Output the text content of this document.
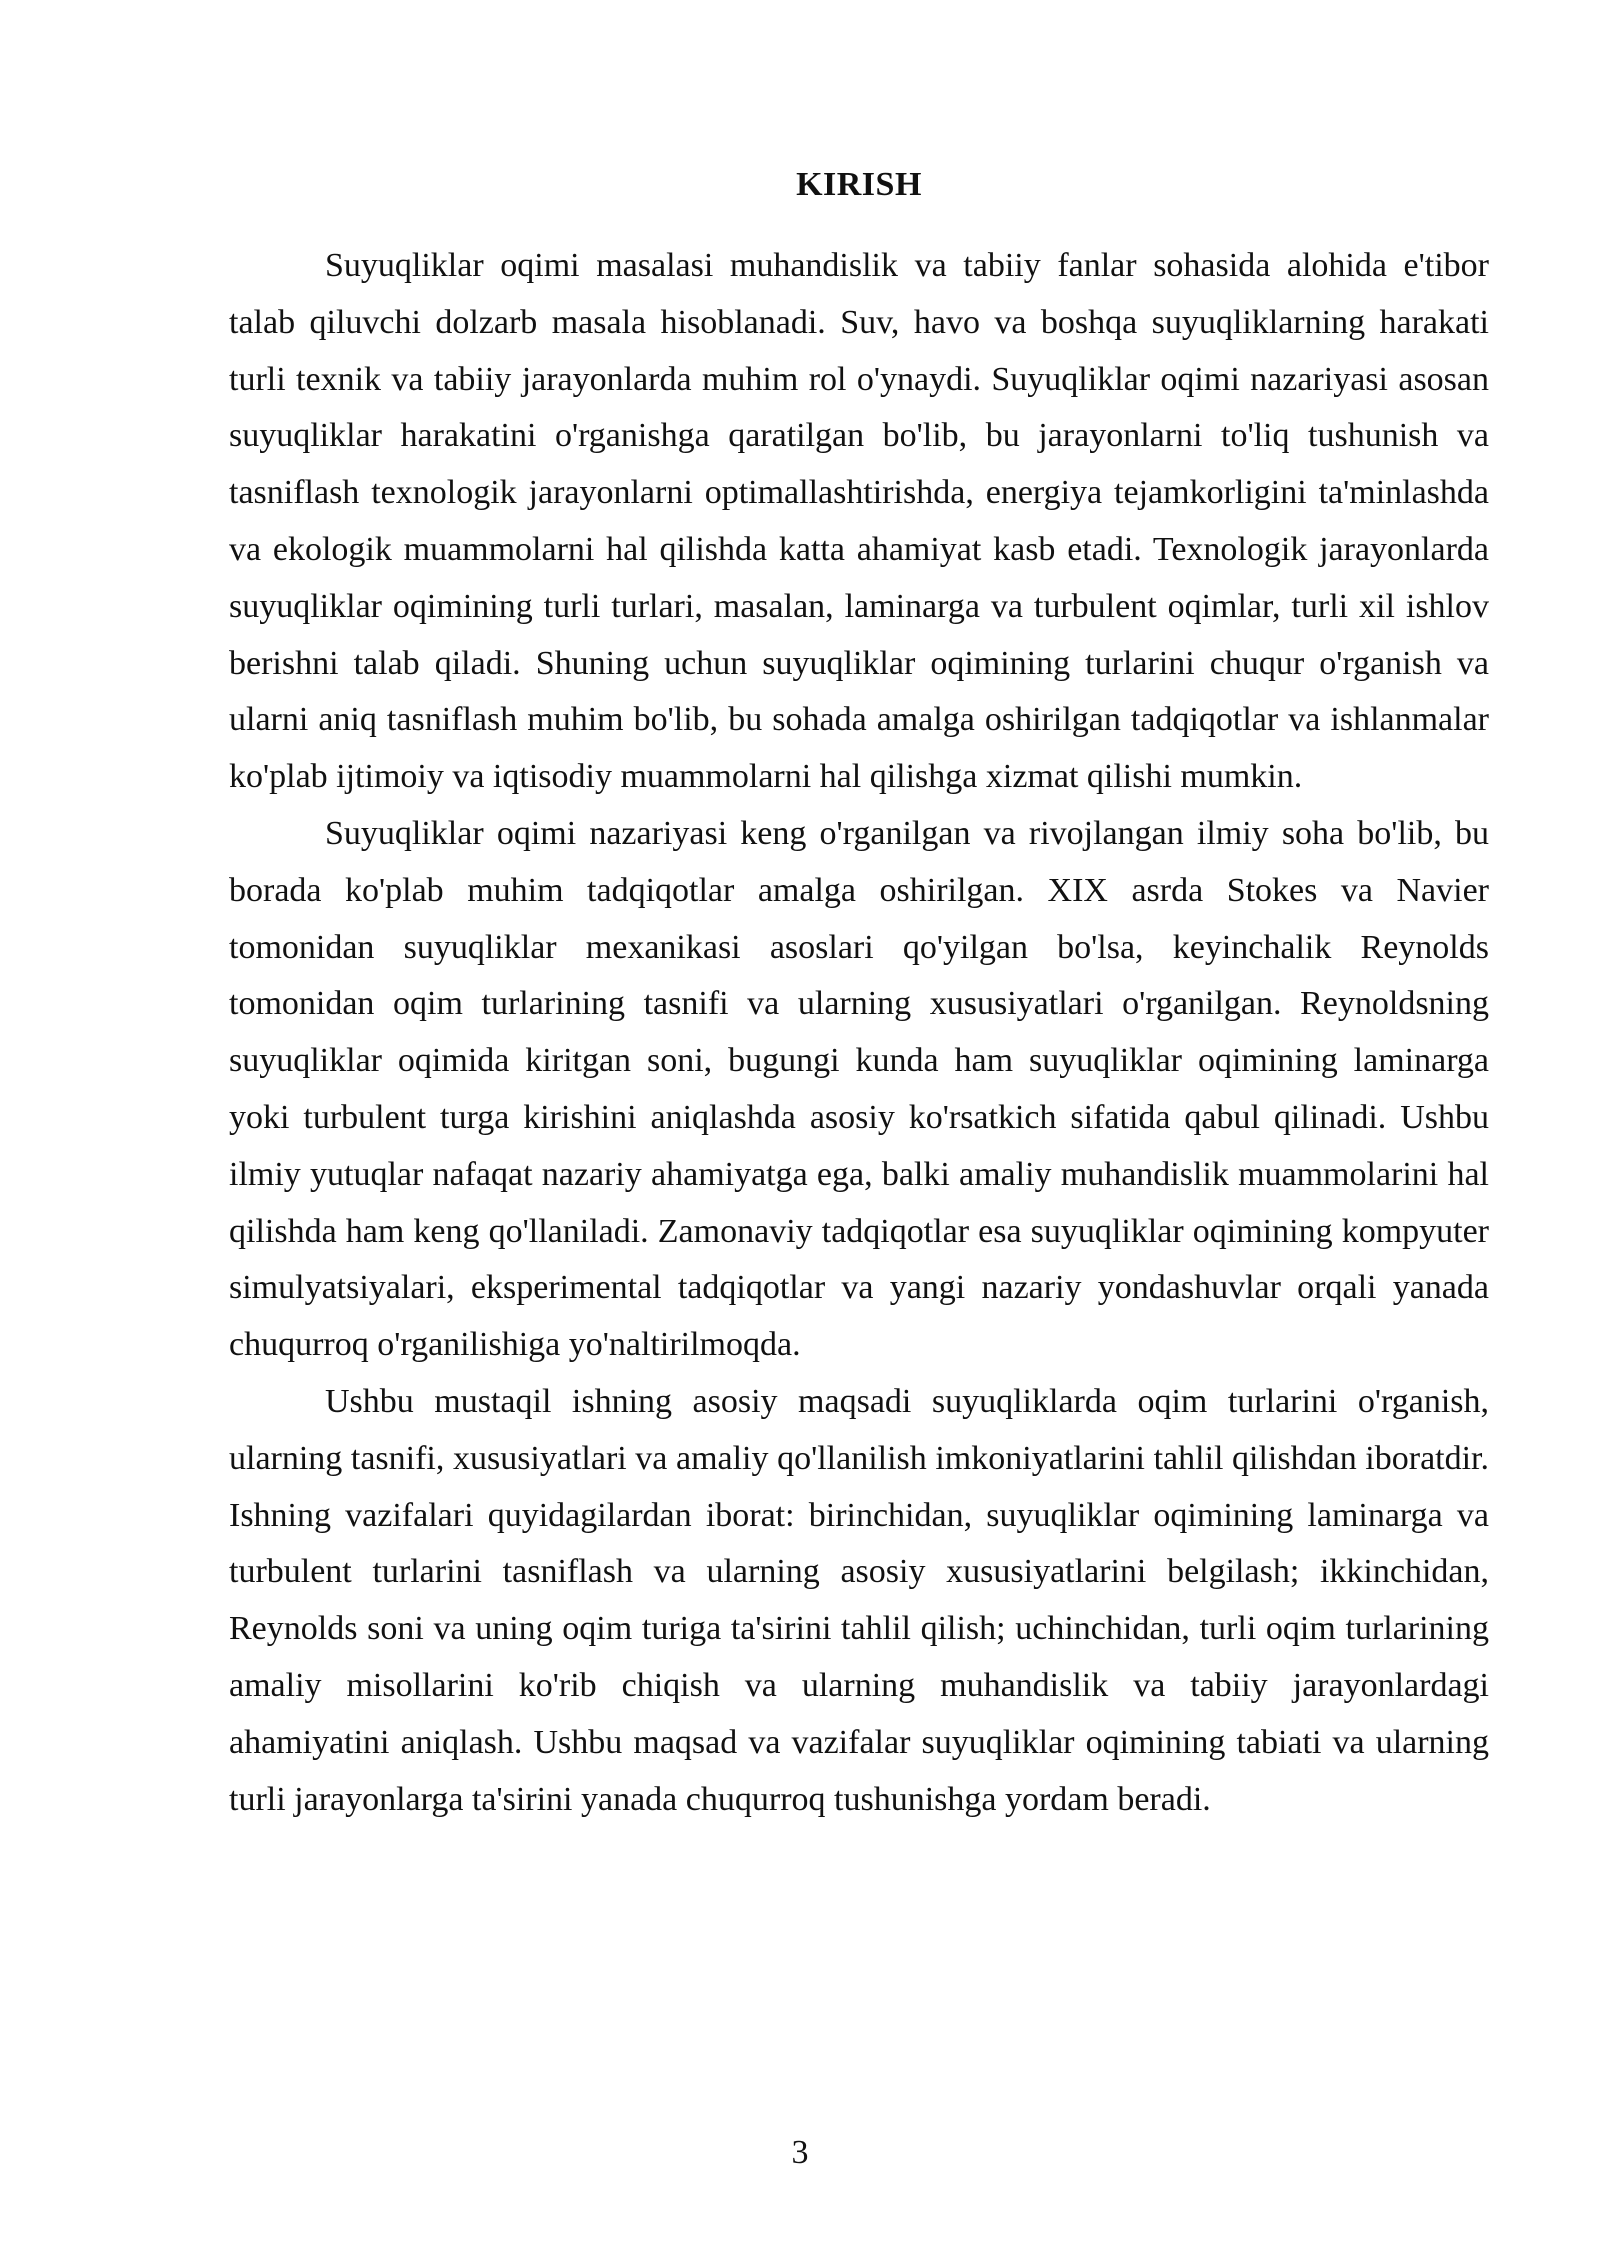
KIRISH

Suyuqliklar oqimi masalasi muhandislik va tabiiy fanlar sohasida alohida e'tibor talab qiluvchi dolzarb masala hisoblanadi. Suv, havo va boshqa suyuqliklarning harakati turli texnik va tabiiy jarayonlarda muhim rol o'ynaydi. Suyuqliklar oqimi nazariyasi asosan suyuqliklar harakatini o'rganishga qaratilgan bo'lib, bu jarayonlarni to'liq tushunish va tasniflash texnologik jarayonlarni optimallashtirishda, energiya tejamkorligini ta'minlashda va ekologik muammolarni hal qilishda katta ahamiyat kasb etadi. Texnologik jarayonlarda suyuqliklar oqimining turli turlari, masalan, laminarga va turbulent oqimlar, turli xil ishlov berishni talab qiladi. Shuning uchun suyuqliklar oqimining turlarini chuqur o'rganish va ularni aniq tasniflash muhim bo'lib, bu sohada amalga oshirilgan tadqiqotlar va ishlanmalar ko'plab ijtimoiy va iqtisodiy muammolarni hal qilishga xizmat qilishi mumkin.

Suyuqliklar oqimi nazariyasi keng o'rganilgan va rivojlangan ilmiy soha bo'lib, bu borada ko'plab muhim tadqiqotlar amalga oshirilgan. XIX asrda Stokes va Navier tomonidan suyuqliklar mexanikasi asoslari qo'yilgan bo'lsa, keyinchalik Reynolds tomonidan oqim turlarining tasnifi va ularning xususiyatlari o'rganilgan. Reynoldsning suyuqliklar oqimida kiritgan soni, bugungi kunda ham suyuqliklar oqimining laminarga yoki turbulent turga kirishini aniqlashda asosiy ko'rsatkich sifatida qabul qilinadi. Ushbu ilmiy yutuqlar nafaqat nazariy ahamiyatga ega, balki amaliy muhandislik muammolarini hal qilishda ham keng qo'llaniladi. Zamonaviy tadqiqotlar esa suyuqliklar oqimining kompyuter simulyatsiyalari, eksperimental tadqiqotlar va yangi nazariy yondashuvlar orqali yanada chuqurroq o'rganilishiga yo'naltirilmoqda.

Ushbu mustaqil ishning asosiy maqsadi suyuqliklarda oqim turlarini o'rganish, ularning tasnifi, xususiyatlari va amaliy qo'llanilish imkoniyatlarini tahlil qilishdan iboratdir. Ishning vazifalari quyidagilardan iborat: birinchidan, suyuqliklar oqimining laminarga va turbulent turlarini tasniflash va ularning asosiy xususiyatlarini belgilash; ikkinchidan, Reynolds soni va uning oqim turiga ta'sirini tahlil qilish; uchinchidan, turli oqim turlarining amaliy misollarini ko'rib chiqish va ularning muhandislik va tabiiy jarayonlardagi ahamiyatini aniqlash. Ushbu maqsad va vazifalar suyuqliklar oqimining tabiati va ularning turli jarayonlarga ta'sirini yanada chuqurroq tushunishga yordam beradi.

3
